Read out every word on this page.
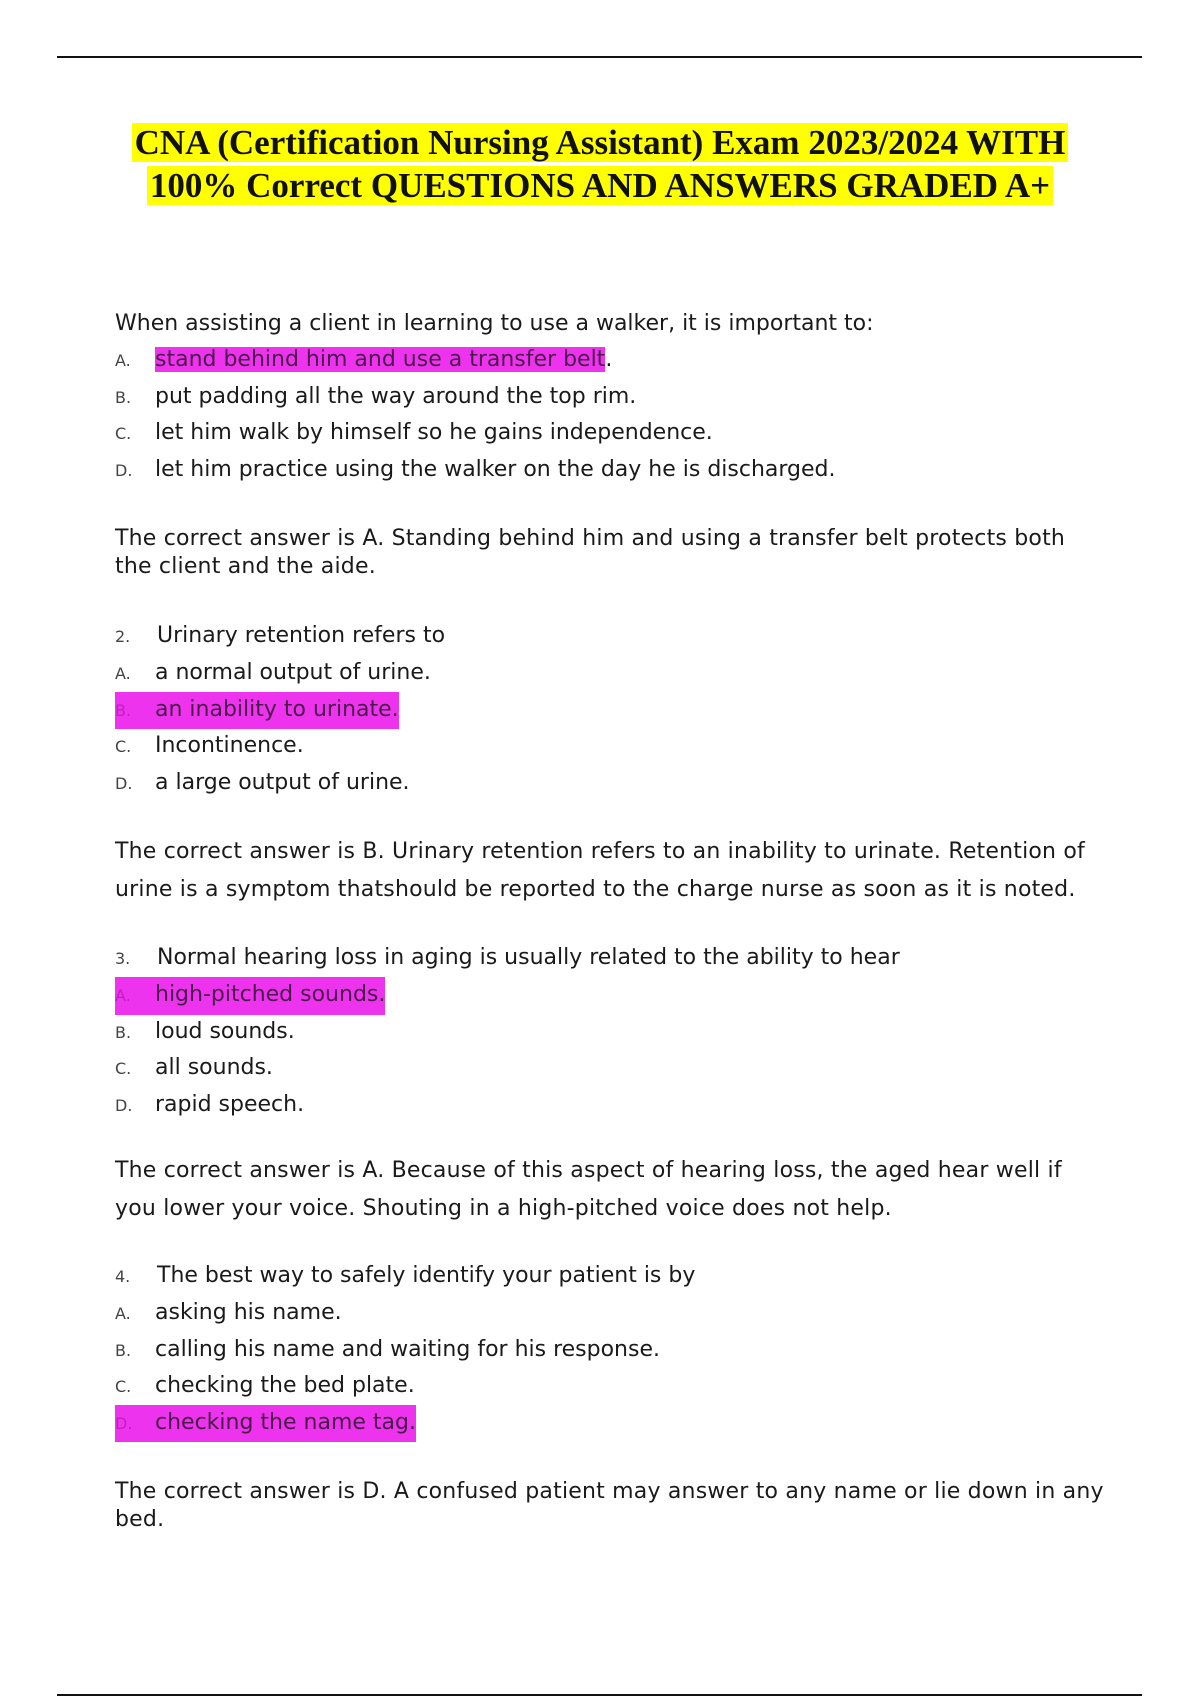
CNA (Certification Nursing Assistant) Exam 2023/2024 WITH
100% Correct QUESTIONS AND ANSWERS GRADED A+
When assisting a client in learning to use a walker, it is important to:
A. stand behind him and use a transfer belt.
B. put padding all the way around the top rim.
C. let him walk by himself so he gains independence.
D. let him practice using the walker on the day he is discharged.
The correct answer is A. Standing behind him and using a transfer belt protects both the client and the aide.
2. Urinary retention refers to
A. a normal output of urine.
B. an inability to urinate.
C. Incontinence.
D. a large output of urine.
The correct answer is B. Urinary retention refers to an inability to urinate. Retention of urine is a symptom thatshould be reported to the charge nurse as soon as it is noted.
3. Normal hearing loss in aging is usually related to the ability to hear
A. high-pitched sounds.
B. loud sounds.
C. all sounds.
D. rapid speech.
The correct answer is A. Because of this aspect of hearing loss, the aged hear well if you lower your voice. Shouting in a high-pitched voice does not help.
4. The best way to safely identify your patient is by
A. asking his name.
B. calling his name and waiting for his response.
C. checking the bed plate.
D. checking the name tag.
The correct answer is D. A confused patient may answer to any name or lie down in any bed.
